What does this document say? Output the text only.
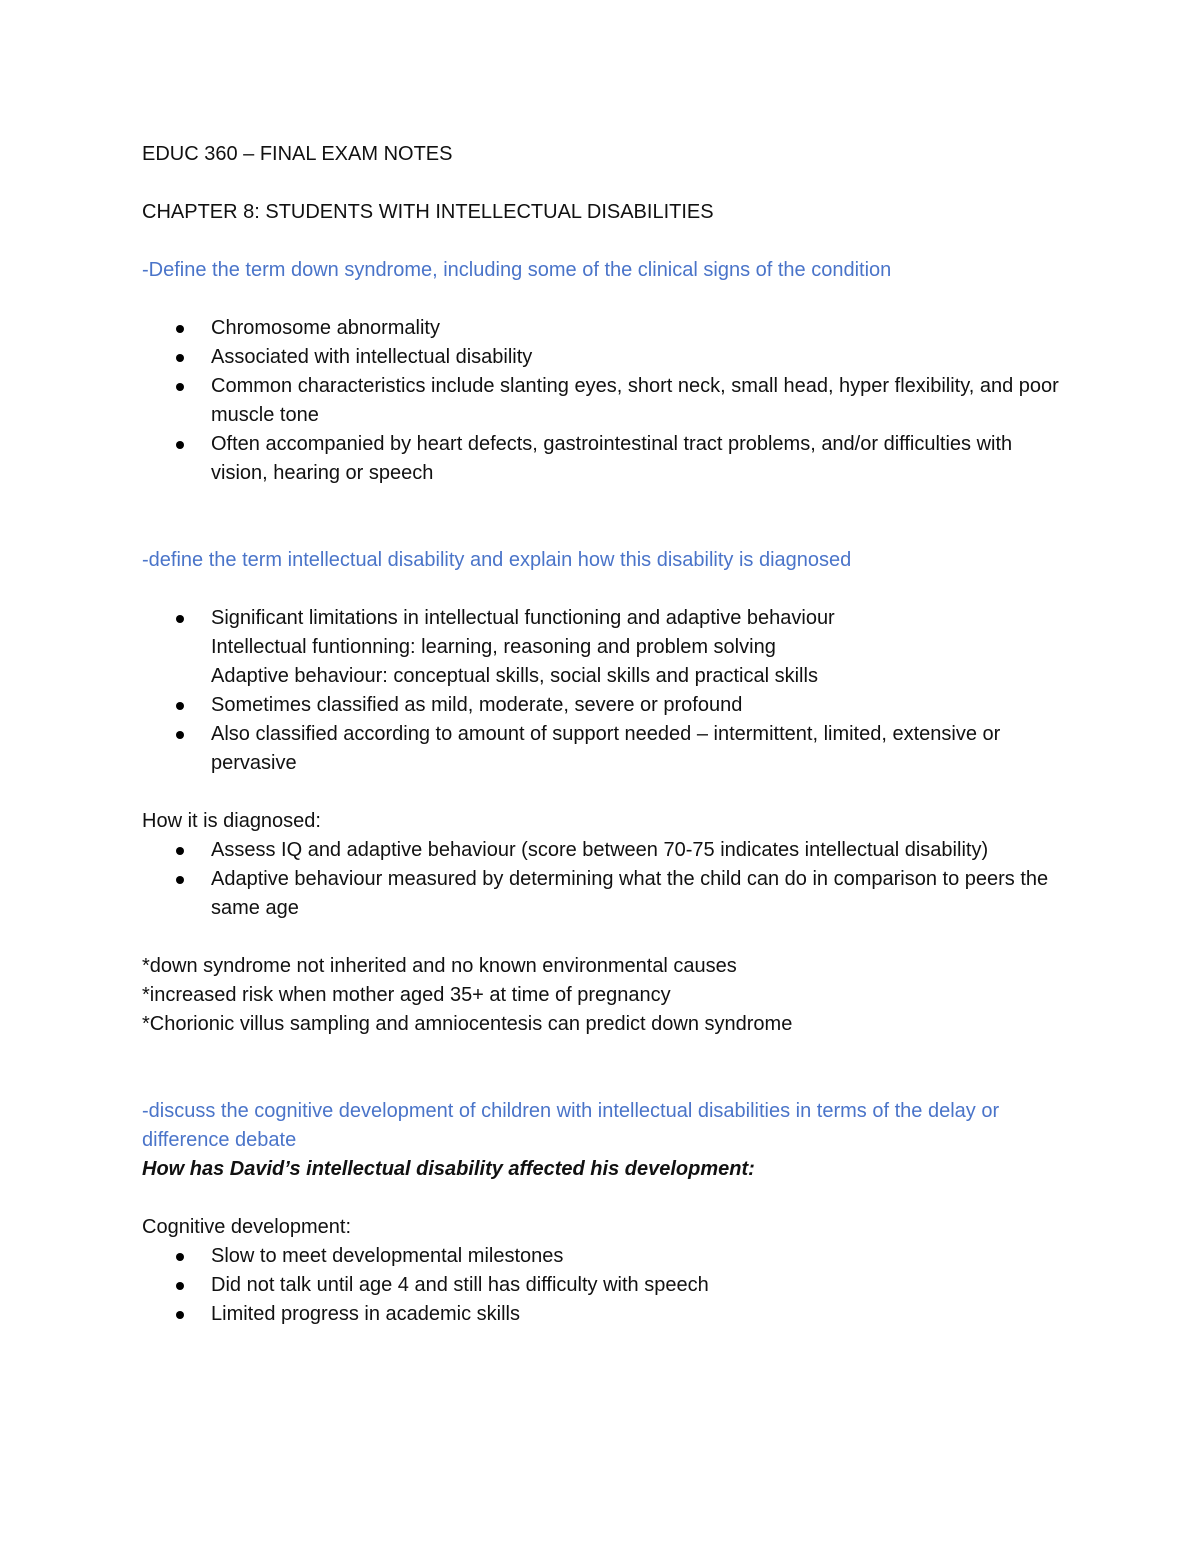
EDUC 360 – FINAL EXAM NOTES

CHAPTER 8: STUDENTS WITH INTELLECTUAL DISABILITIES

-Define the term down syndrome, including some of the clinical signs of the condition

Chromosome abnormality
Associated with intellectual disability
Common characteristics include slanting eyes, short neck, small head, hyper flexibility, and poor muscle tone
Often accompanied by heart defects, gastrointestinal tract problems, and/or difficulties with vision, hearing or speech

-define the term intellectual disability and explain how this disability is diagnosed

Significant limitations in intellectual functioning and adaptive behaviour
Intellectual funtionning: learning, reasoning and problem solving
Adaptive behaviour: conceptual skills, social skills and practical skills
Sometimes classified as mild, moderate, severe or profound
Also classified according to amount of support needed – intermittent, limited, extensive or pervasive

How it is diagnosed:

Assess IQ and adaptive behaviour (score between 70-75 indicates intellectual disability)
Adaptive behaviour measured by determining what the child can do in comparison to peers the same age

*down syndrome not inherited and no known environmental causes

*increased risk when mother aged 35+ at time of pregnancy

*Chorionic villus sampling and amniocentesis can predict down syndrome

-discuss the cognitive development of children with intellectual disabilities in terms of the delay or difference debate

How has David’s intellectual disability affected his development:

Cognitive development:

Slow to meet developmental milestones
Did not talk until age 4 and still has difficulty with speech
Limited progress in academic skills
